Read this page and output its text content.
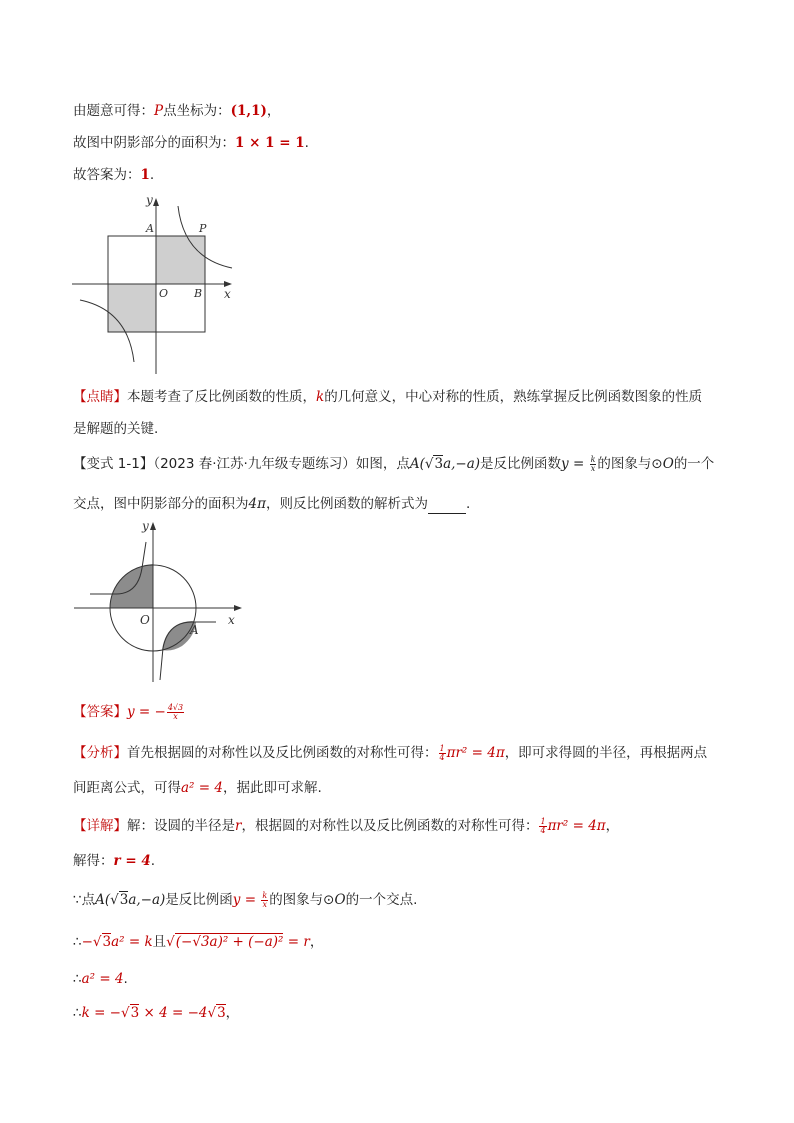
由题意可得：P点坐标为：(1,1)，
故图中阴影部分的面积为：1 × 1 = 1.
故答案为：1.
y
x
A	P
O B
【点睛】本题考查了反比例函数的性质，k的几何意义，中心对称的性质，熟练掌握反比例函数图象的性质
是解题的关键.
【变式 1-1】（2023 春·江苏·九年级专题练习）如图，点A(√3a,−a)是反比例函数$y = \frac{k}{x}$ 的图象与⊙O的一个
交点，图中阴影部分的面积为4π，则反比例函数的解析式为	.
y
x
O
A
【答案】y = − $\frac{4√3}{x}$
【分析】首先根据圆的对称性以及反比例函数的对称性可得： $\frac{1}{4} \pi r^2 = 4\pi$，即可求得圆的半径，再根据两点
间距离公式，可得a² = 4，据此即可求解.
【详解】解：设圆的半径是r，根据圆的对称性以及反比例函数的对称性可得： $\frac{1}{4} \pi r^2 = 4\pi$，
解得：r = 4.
∵点A(√3a,−a)是反比例函$y = \frac{k}{x}$ 的图象与⊙O的一个交点.
∴−√3a² = k且√(−√3a)² + (−a)² = r，
∴a² = 4.
∴k = −√3 × 4 = −4√3，
